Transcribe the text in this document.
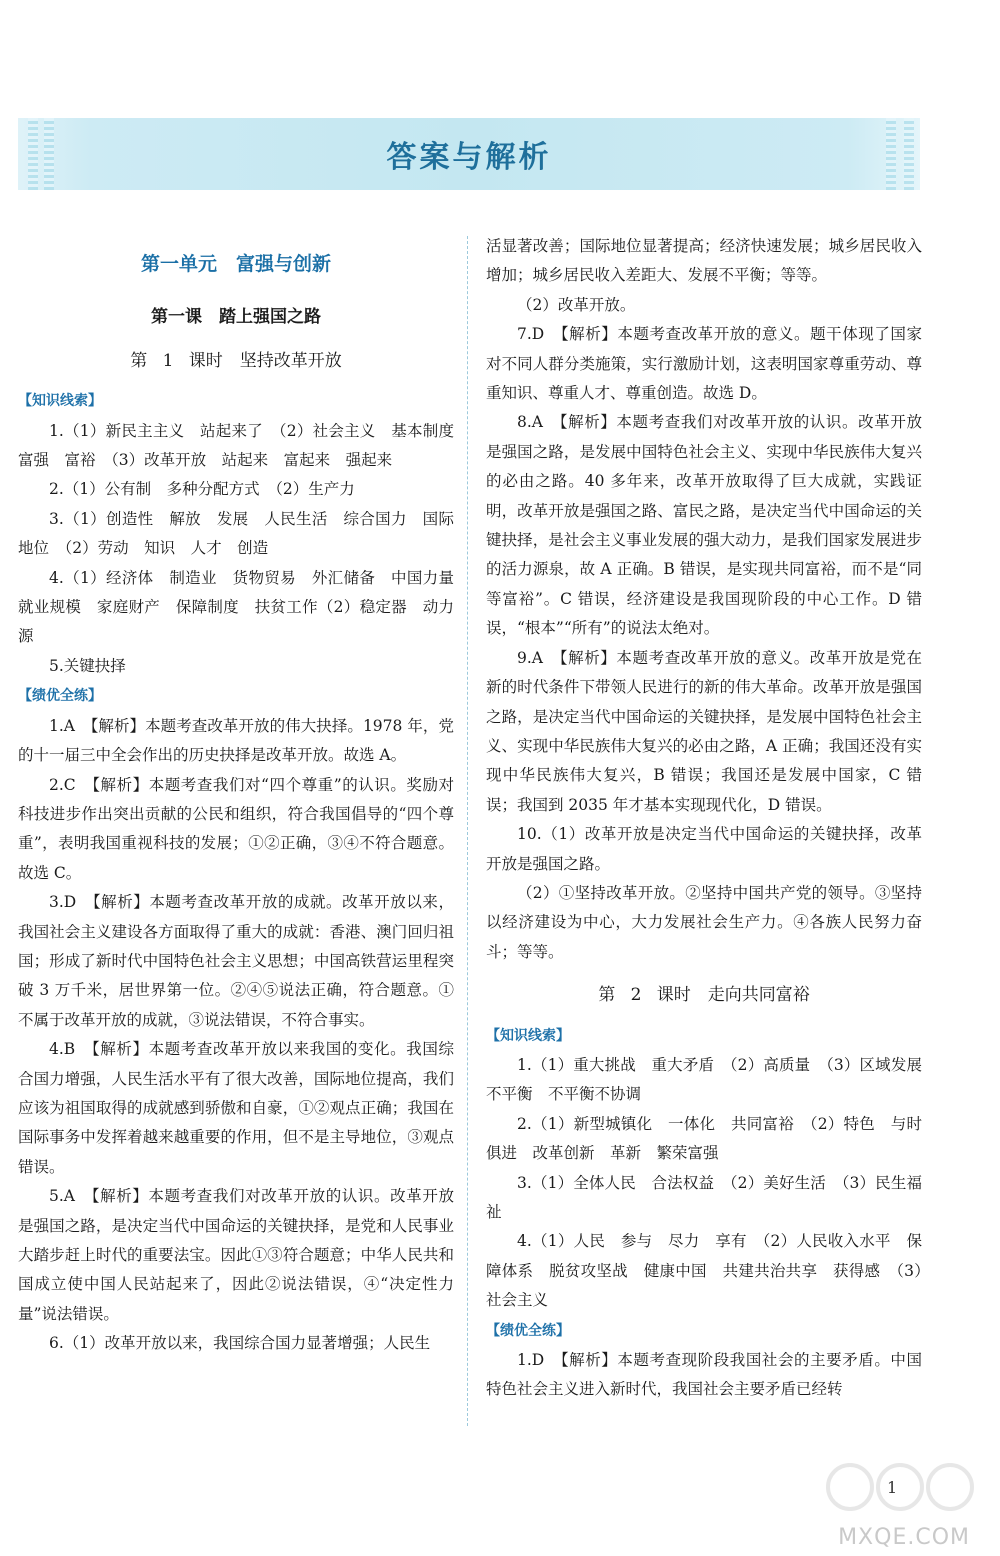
答案与解析
第一单元　富强与创新
第一课　踏上强国之路
第 1 课时　坚持改革开放

【知识线索】

1.（1）新民主主义　站起来了　（2）社会主义　基本制度　富强　富裕　（3）改革开放　站起来　富起来　强起来

2.（1）公有制　多种分配方式　（2）生产力

3.（1）创造性　解放　发展　人民生活　综合国力　国际地位　（2）劳动　知识　人才　创造

4.（1）经济体　制造业　货物贸易　外汇储备　中国力量　就业规模　家庭财产　保障制度　扶贫工作（2）稳定器　动力源

5.关键抉择

【绩优全练】

1.A　【解析】本题考查改革开放的伟大抉择。1978 年，党的十一届三中全会作出的历史抉择是改革开放。故选 A。

2.C　【解析】本题考查我们对“四个尊重”的认识。奖励对科技进步作出突出贡献的公民和组织，符合我国倡导的“四个尊重”，表明我国重视科技的发展；①②正确，③④不符合题意。故选 C。

3.D　【解析】本题考查改革开放的成就。改革开放以来，我国社会主义建设各方面取得了重大的成就：香港、澳门回归祖国；形成了新时代中国特色社会主义思想；中国高铁营运里程突破 3 万千米，居世界第一位。②④⑤说法正确，符合题意。①不属于改革开放的成就，③说法错误，不符合事实。

4.B　【解析】本题考查改革开放以来我国的变化。我国综合国力增强，人民生活水平有了很大改善，国际地位提高，我们应该为祖国取得的成就感到骄傲和自豪，①②观点正确；我国在国际事务中发挥着越来越重要的作用，但不是主导地位，③观点错误。

5.A　【解析】本题考查我们对改革开放的认识。改革开放是强国之路，是决定当代中国命运的关键抉择，是党和人民事业大踏步赶上时代的重要法宝。因此①③符合题意；中华人民共和国成立使中国人民站起来了，因此②说法错误，④“决定性力量”说法错误。

6.（1）改革开放以来，我国综合国力显著增强；人民生

活显著改善；国际地位显著提高；经济快速发展；城乡居民收入增加；城乡居民收入差距大、发展不平衡；等等。

（2）改革开放。

7.D　【解析】本题考查改革开放的意义。题干体现了国家对不同人群分类施策，实行激励计划，这表明国家尊重劳动、尊重知识、尊重人才、尊重创造。故选 D。

8.A　【解析】本题考查我们对改革开放的认识。改革开放是强国之路，是发展中国特色社会主义、实现中华民族伟大复兴的必由之路。40 多年来，改革开放取得了巨大成就，实践证明，改革开放是强国之路、富民之路，是决定当代中国命运的关键抉择，是社会主义事业发展的强大动力，是我们国家发展进步的活力源泉，故 A 正确。B 错误，是实现共同富裕，而不是“同等富裕”。C 错误，经济建设是我国现阶段的中心工作。D 错误，“根本”“所有”的说法太绝对。

9.A　【解析】本题考查改革开放的意义。改革开放是党在新的时代条件下带领人民进行的新的伟大革命。改革开放是强国之路，是决定当代中国命运的关键抉择，是发展中国特色社会主义、实现中华民族伟大复兴的必由之路，A 正确；我国还没有实现中华民族伟大复兴，B 错误；我国还是发展中国家，C 错误；我国到 2035 年才基本实现现代化，D 错误。

10.（1）改革开放是决定当代中国命运的关键抉择，改革开放是强国之路。

（2）①坚持改革开放。②坚持中国共产党的领导。③坚持以经济建设为中心，大力发展社会生产力。④各族人民努力奋斗；等等。

第 2 课时　走向共同富裕

【知识线索】

1.（1）重大挑战　重大矛盾　（2）高质量　（3）区域发展不平衡　不平衡不协调

2.（1）新型城镇化　一体化　共同富裕　（2）特色　与时俱进　改革创新　革新　繁荣富强

3.（1）全体人民　合法权益　（2）美好生活　（3）民生福祉

4.（1）人民　参与　尽力　享有　（2）人民收入水平　保障体系　脱贫攻坚战　健康中国　共建共治共享　获得感　（3）社会主义

【绩优全练】

1.D　【解析】本题考查现阶段我国社会的主要矛盾。中国特色社会主义进入新时代，我国社会主要矛盾已经转

1
MXQE.COM
